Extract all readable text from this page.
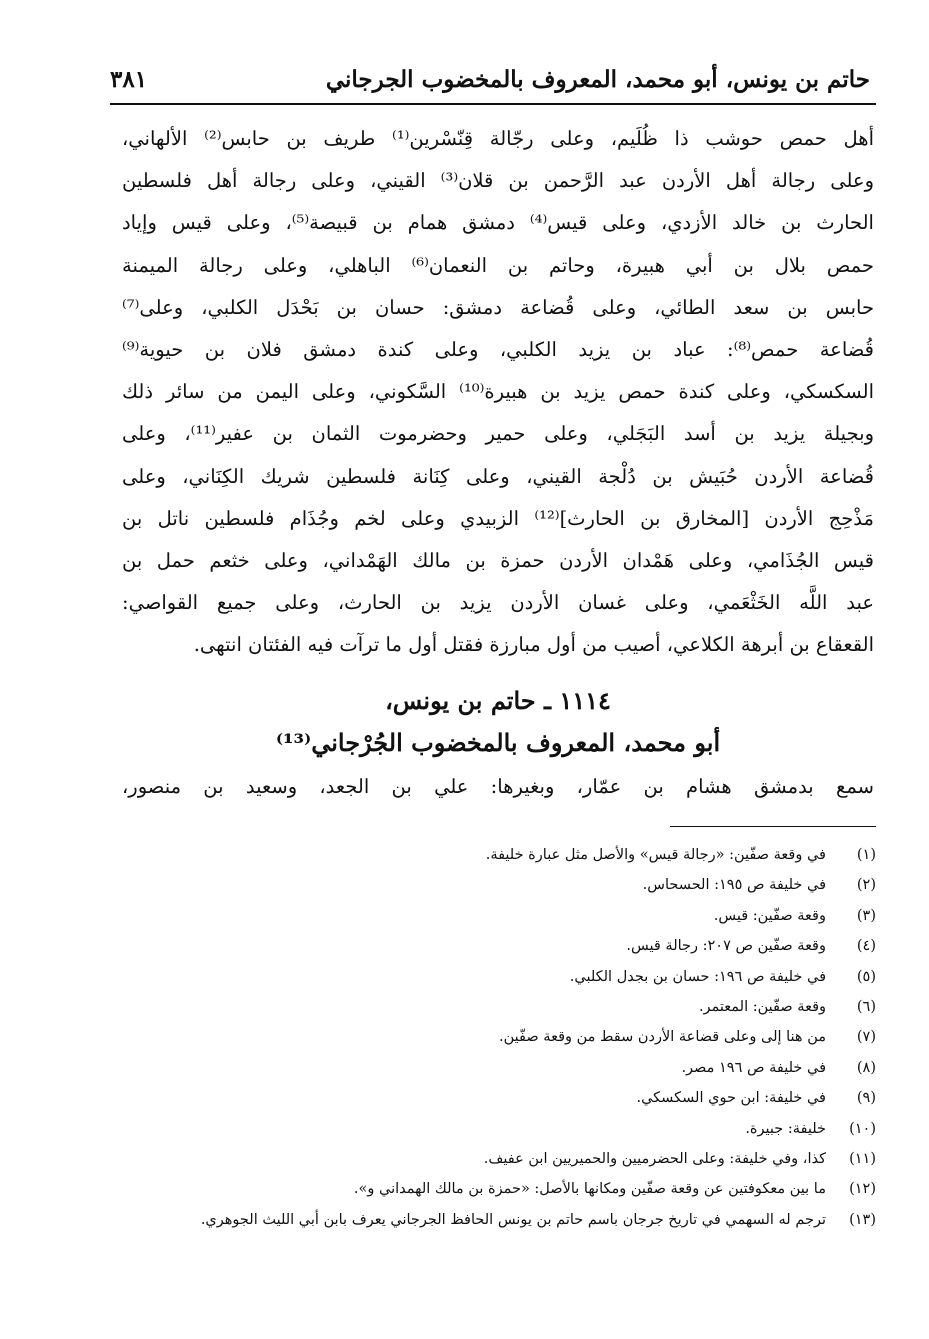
حاتم بن يونس، أبو محمد، المعروف بالمخضوب الجرجاني
٣٨١
أهل حمص حوشب ذا ظُلَيم، وعلى رجّالة قِنّسْرين⁽¹⁾ طريف بن حابس⁽²⁾ الألهاني،
وعلى رجالة أهل الأردن عبد الرَّحمن بن قلان⁽³⁾ القيني، وعلى رجالة أهل فلسطين
الحارث بن خالد الأزدي، وعلى قيس⁽⁴⁾ دمشق همام بن قبيصة⁽⁵⁾، وعلى قيس وإياد
حمص بلال بن أبي هبيرة، وحاتم بن النعمان⁽⁶⁾ الباهلي، وعلى رجالة الميمنة
حابس بن سعد الطائي، وعلى قُضاعة دمشق: حسان بن بَحْدَل الكلبي، وعلى⁽⁷⁾
قُضاعة حمص⁽⁸⁾: عباد بن يزيد الكلبي، وعلى كندة دمشق فلان بن حيوية⁽⁹⁾
السكسكي، وعلى كندة حمص يزيد بن هبيرة⁽¹⁰⁾ السَّكوني، وعلى اليمن من سائر ذلك
وبجيلة يزيد بن أسد البَجَلي، وعلى حمير وحضرموت الثمان بن عفير⁽¹¹⁾، وعلى
قُضاعة الأردن حُبَيش بن دُلْجة القيني، وعلى كِنَانة فلسطين شريك الكِنَاني، وعلى
مَذْحِج الأردن [المخارق بن الحارث]⁽¹²⁾ الزبيدي وعلى لخم وجُذَام فلسطين ناتل بن
قيس الجُذَامي، وعلى هَمْدان الأردن حمزة بن مالك الهَمْداني، وعلى خثعم حمل بن
عبد اللَّه الخَثْعَمي، وعلى غسان الأردن يزيد بن الحارث، وعلى جميع القواصي:
القعقاع بن أبرهة الكلاعي، أصيب من أول مبارزة فقتل أول ما ترآت فيه الفئتان انتهى.
١١١٤ ـ حاتم بن يونس،
أبو محمد، المعروف بالمخضوب الجُرْجاني⁽¹³⁾
سمع بدمشق هشام بن عمّار، وبغيرها: علي بن الجعد، وسعيد بن منصور،
(١)
في وقعة صفّين: «رجالة قيس» والأصل مثل عبارة خليفة.
(٢)
في خليفة ص ١٩٥: الحسحاس.
(٣)
وقعة صفّين: قيس.
(٤)
وقعة صفّين ص ٢٠٧: رجالة قيس.
(٥)
في خليفة ص ١٩٦: حسان بن بجدل الكلبي.
(٦)
وقعة صفّين: المعتمر.
(٧)
من هنا إلى وعلى قضاعة الأردن سقط من وقعة صفّين.
(٨)
في خليفة ص ١٩٦ مصر.
(٩)
في خليفة: ابن حوي السكسكي.
(١٠)
خليفة: جبيرة.
(١١)
كذا، وفي خليفة: وعلى الحضرميين والحميريين ابن عفيف.
(١٢)
ما بين معكوفتين عن وقعة صفّين ومكانها بالأصل: «حمزة بن مالك الهمداني و».
(١٣)
ترجم له السهمي في تاريخ جرجان باسم حاتم بن يونس الحافظ الجرجاني يعرف بابن أبي الليث الجوهري.
